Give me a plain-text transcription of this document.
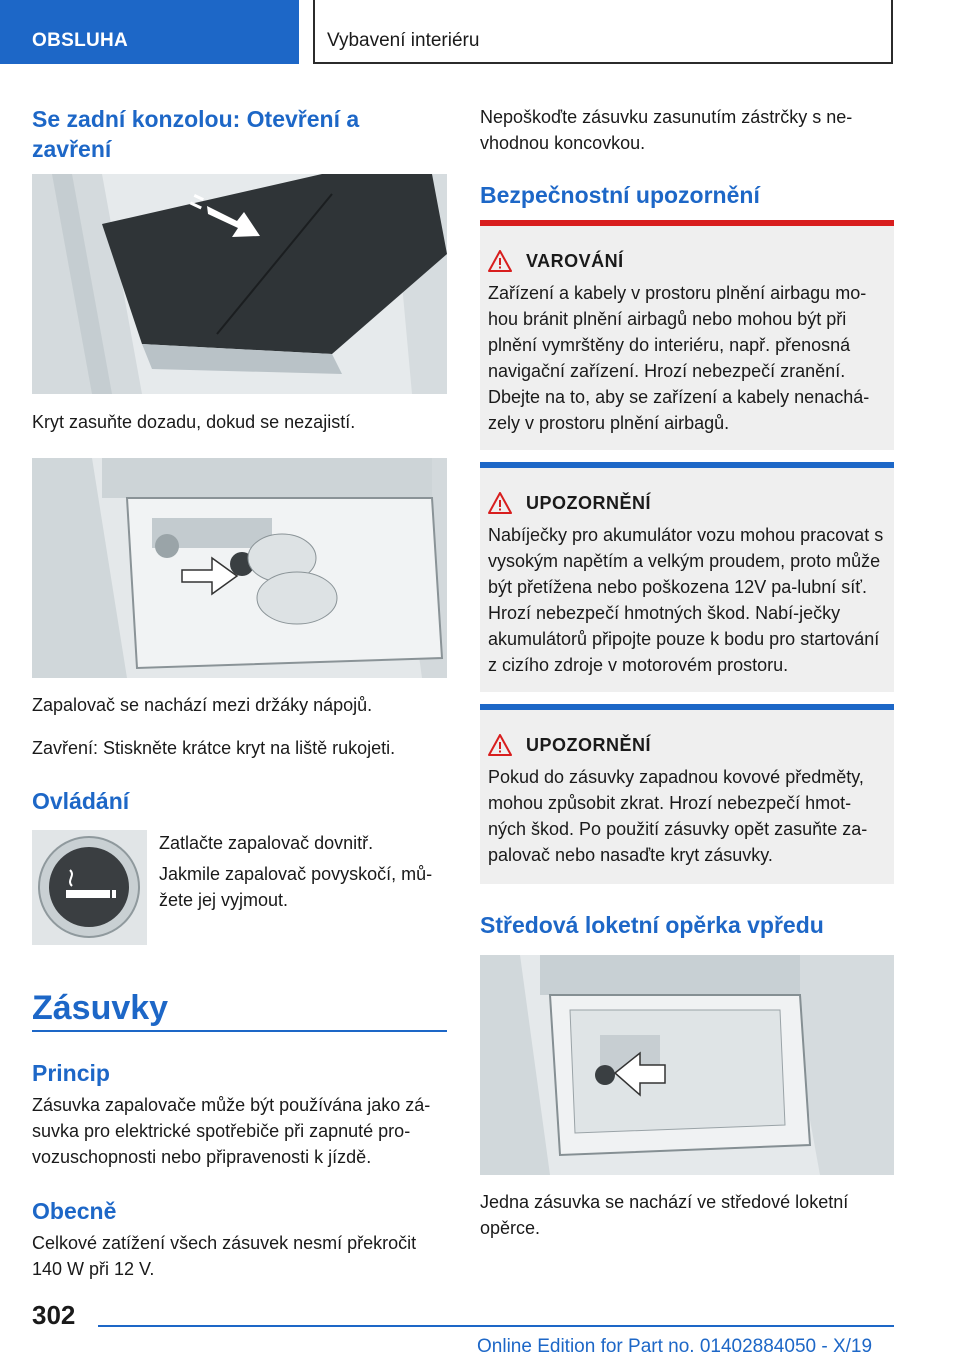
OBSLUHA	Vybavení interiéru
Se zadní konzolou: Otevření a zavření

Kryt zasuňte dozadu, dokud se nezajistí.

Zapalovač se nachází mezi držáky nápojů.

Zavření: Stiskněte krátce kryt na liště rukojeti.

Ovládání

Zatlačte zapalovač dovnitř.

Jakmile zapalovač povyskočí, mů-žete jej vyjmout.

Zásuvky
Princip

Zásuvka zapalovače může být používána jako zá-suvka pro elektrické spotřebiče při zapnuté pro-vozuschopnosti nebo připravenosti k jízdě.

Obecně

Celkové zatížení všech zásuvek nesmí překročit 140 W při 12 V.

Nepoškoďte zásuvku zasunutím zástrčky s ne-vhodnou koncovkou.

Bezpečnostní upozornění
VAROVÁNÍ
Zařízení a kabely v prostoru plnění airbagu mo-hou bránit plnění airbagů nebo mohou být při plnění vymrštěny do interiéru, např. přenosná navigační zařízení. Hrozí nebezpečí zranění. Dbejte na to, aby se zařízení a kabely nenachá-zely v prostoru plnění airbagů.
UPOZORNĚNÍ
Nabíječky pro akumulátor vozu mohou pracovat s vysokým napětím a velkým proudem, proto může být přetížena nebo poškozena 12V pa-lubní síť. Hrozí nebezpečí hmotných škod. Nabí-ječky akumulátorů připojte pouze k bodu pro startování z cizího zdroje v motorovém prostoru.
UPOZORNĚNÍ
Pokud do zásuvky zapadnou kovové předměty, mohou způsobit zkrat. Hrozí nebezpečí hmot-ných škod. Po použití zásuvky opět zasuňte za-palovač nebo nasaďte kryt zásuvky.
Středová loketní opěrka vpředu

Jedna zásuvka se nachází ve středové loketní opěrce.

302
Online Edition for Part no. 01402884050 - X/19
